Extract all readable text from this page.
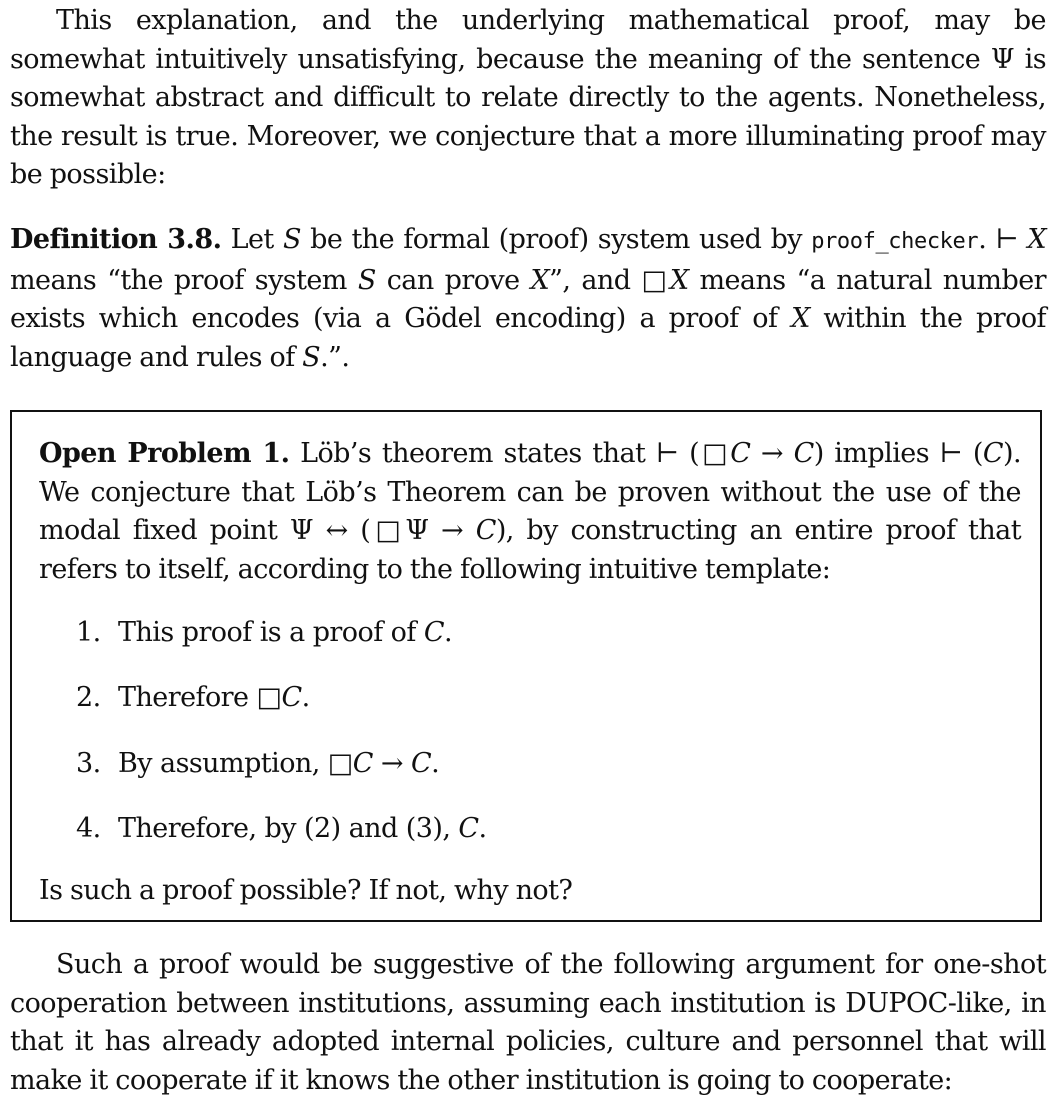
This explanation, and the underlying mathematical proof, may be somewhat intuitively unsatisfying, because the meaning of the sentence Ψ is somewhat abstract and difficult to relate directly to the agents. Nonetheless, the result is true. Moreover, we conjecture that a more illuminating proof may be possible:

Definition 3.8. Let S be the formal (proof) system used by proof_checker. ⊢ X means “the proof system S can prove X”, and □X means “a natural number exists which encodes (via a Gödel encoding) a proof of X within the proof language and rules of S.”.

Open Problem 1. Löb’s theorem states that ⊢ (□C → C) implies ⊢ (C). We conjecture that Löb’s Theorem can be proven without the use of the modal fixed point Ψ ↔ (□Ψ → C), by constructing an entire proof that refers to itself, according to the following intuitive template:

1. This proof is a proof of C.
2. Therefore □C.
3. By assumption, □C → C.
4. Therefore, by (2) and (3), C.

Is such a proof possible? If not, why not?

Such a proof would be suggestive of the following argument for one-shot cooperation between institutions, assuming each institution is DUPOC-like, in that it has already adopted internal policies, culture and personnel that will make it cooperate if it knows the other institution is going to cooperate:
